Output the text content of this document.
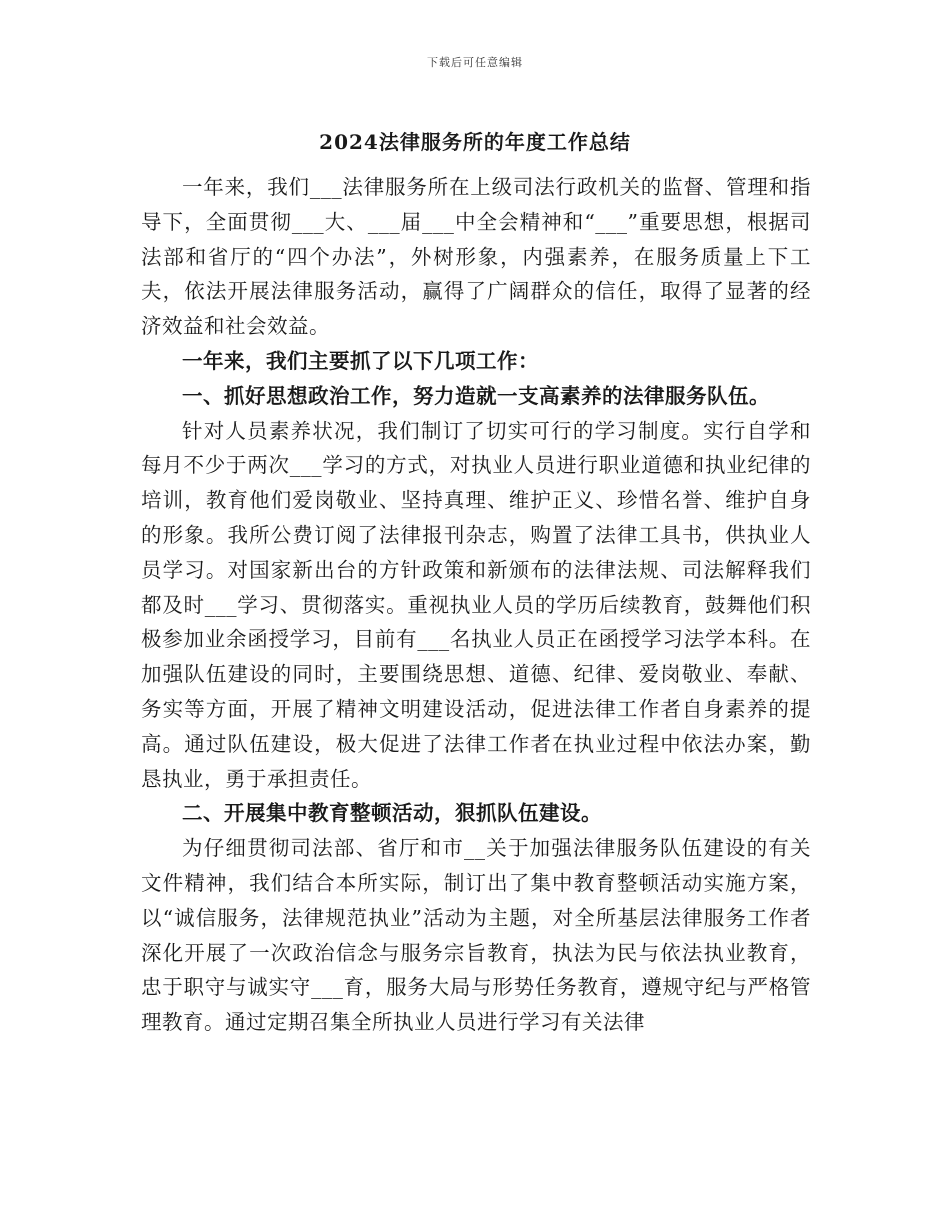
下载后可任意编辑
2024法律服务所的年度工作总结

一年来，我们___法律服务所在上级司法行政机关的监督、管理和指导下，全面贯彻___大、___届___中全会精神和“___”重要思想，根据司法部和省厅的“四个办法”，外树形象，内强素养，在服务质量上下工夫，依法开展法律服务活动，赢得了广阔群众的信任，取得了显著的经济效益和社会效益。

一年来，我们主要抓了以下几项工作：

一、抓好思想政治工作，努力造就一支高素养的法律服务队伍。

针对人员素养状况，我们制订了切实可行的学习制度。实行自学和每月不少于两次___学习的方式，对执业人员进行职业道德和执业纪律的培训，教育他们爱岗敬业、坚持真理、维护正义、珍惜名誉、维护自身的形象。我所公费订阅了法律报刊杂志，购置了法律工具书，供执业人员学习。对国家新出台的方针政策和新颁布的法律法规、司法解释我们都及时___学习、贯彻落实。重视执业人员的学历后续教育，鼓舞他们积极参加业余函授学习，目前有___名执业人员正在函授学习法学本科。在加强队伍建设的同时，主要围绕思想、道德、纪律、爱岗敬业、奉献、务实等方面，开展了精神文明建设活动，促进法律工作者自身素养的提高。通过队伍建设，极大促进了法律工作者在执业过程中依法办案，勤恳执业，勇于承担责任。

二、开展集中教育整顿活动，狠抓队伍建设。

为仔细贯彻司法部、省厅和市__关于加强法律服务队伍建设的有关文件精神，我们结合本所实际，制订出了集中教育整顿活动实施方案，以“诚信服务，法律规范执业”活动为主题，对全所基层法律服务工作者深化开展了一次政治信念与服务宗旨教育，执法为民与依法执业教育，忠于职守与诚实守___育，服务大局与形势任务教育，遵规守纪与严格管理教育。通过定期召集全所执业人员进行学习有关法律
